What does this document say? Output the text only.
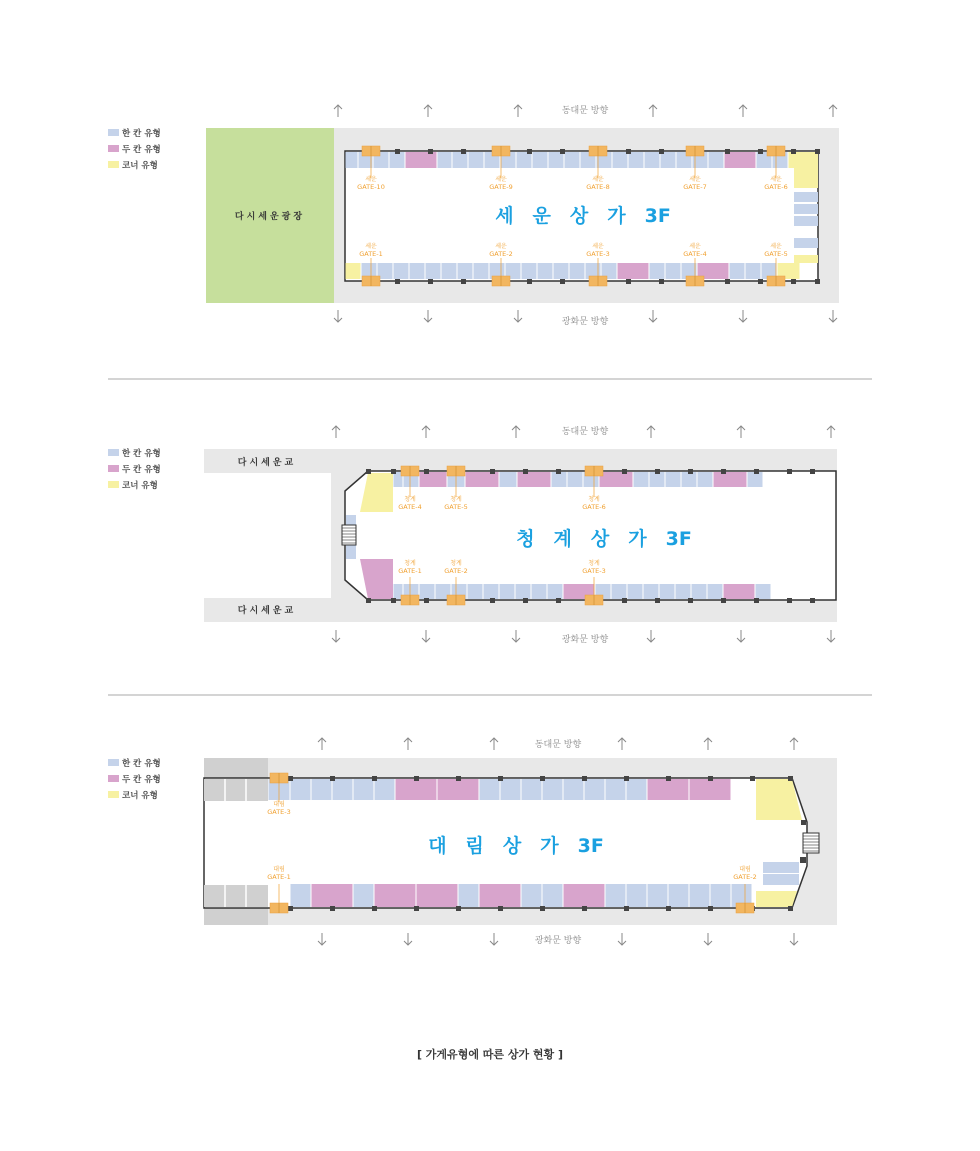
한 칸 유형
두 칸 유형
코너 유형
동대문 방향
다시세운광장
세운
GATE-10
세운
GATE-9
세운
GATE-8
세운
GATE-7
세운
GATE-6
세운
GATE-1
세운
GATE-2
세운
GATE-3
세운
GATE-4
세운
GATE-5
세　운　상　가　3F
광화문 방향
한 칸 유형
두 칸 유형
코너 유형
동대문 방향
다시세운교
다시세운교
청계
GATE-4
청계
GATE-5
청계
GATE-6
청계
GATE-1
청계
GATE-2
청계
GATE-3
청　계　상　가　3F
광화문 방향
한 칸 유형
두 칸 유형
코너 유형
동대문 방향
대림
GATE-3
대림
GATE-1
대림
GATE-2
대　림　상　가　3F
광화문 방향
[ 가게유형에 따른 상가 현황 ]
